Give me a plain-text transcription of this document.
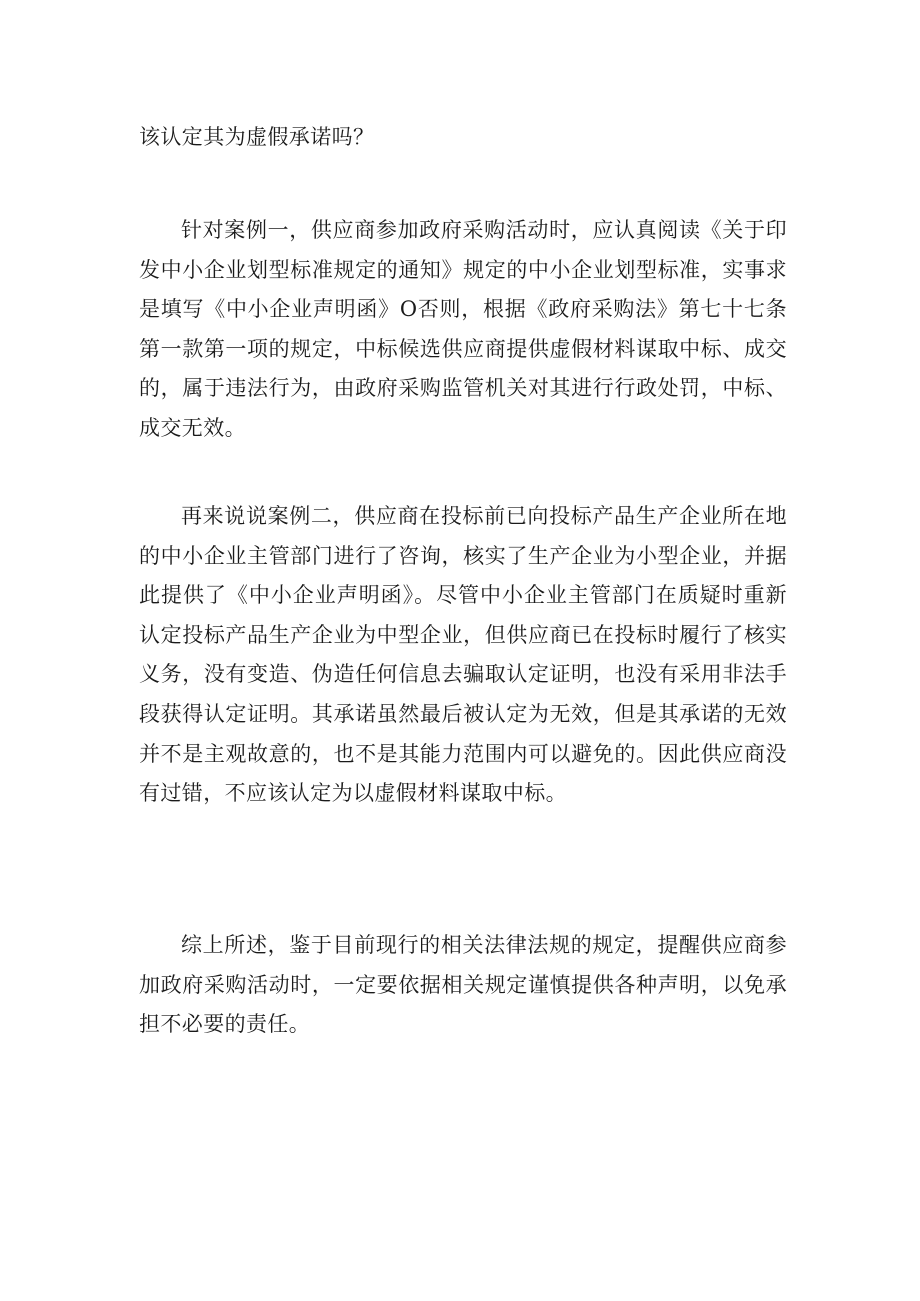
该认定其为虚假承诺吗？

针对案例一，供应商参加政府采购活动时，应认真阅读《关于印发中小企业划型标准规定的通知》规定的中小企业划型标准，实事求是填写《中小企业声明函》O否则，根据《政府采购法》第七十七条第一款第一项的规定，中标候选供应商提供虚假材料谋取中标、成交的，属于违法行为，由政府采购监管机关对其进行行政处罚，中标、成交无效。

再来说说案例二，供应商在投标前已向投标产品生产企业所在地的中小企业主管部门进行了咨询，核实了生产企业为小型企业，并据此提供了《中小企业声明函》。尽管中小企业主管部门在质疑时重新认定投标产品生产企业为中型企业，但供应商已在投标时履行了核实义务，没有变造、伪造任何信息去骗取认定证明，也没有采用非法手段获得认定证明。其承诺虽然最后被认定为无效，但是其承诺的无效并不是主观故意的，也不是其能力范围内可以避免的。因此供应商没有过错，不应该认定为以虚假材料谋取中标。

综上所述，鉴于目前现行的相关法律法规的规定，提醒供应商参加政府采购活动时，一定要依据相关规定谨慎提供各种声明，以免承担不必要的责任。
